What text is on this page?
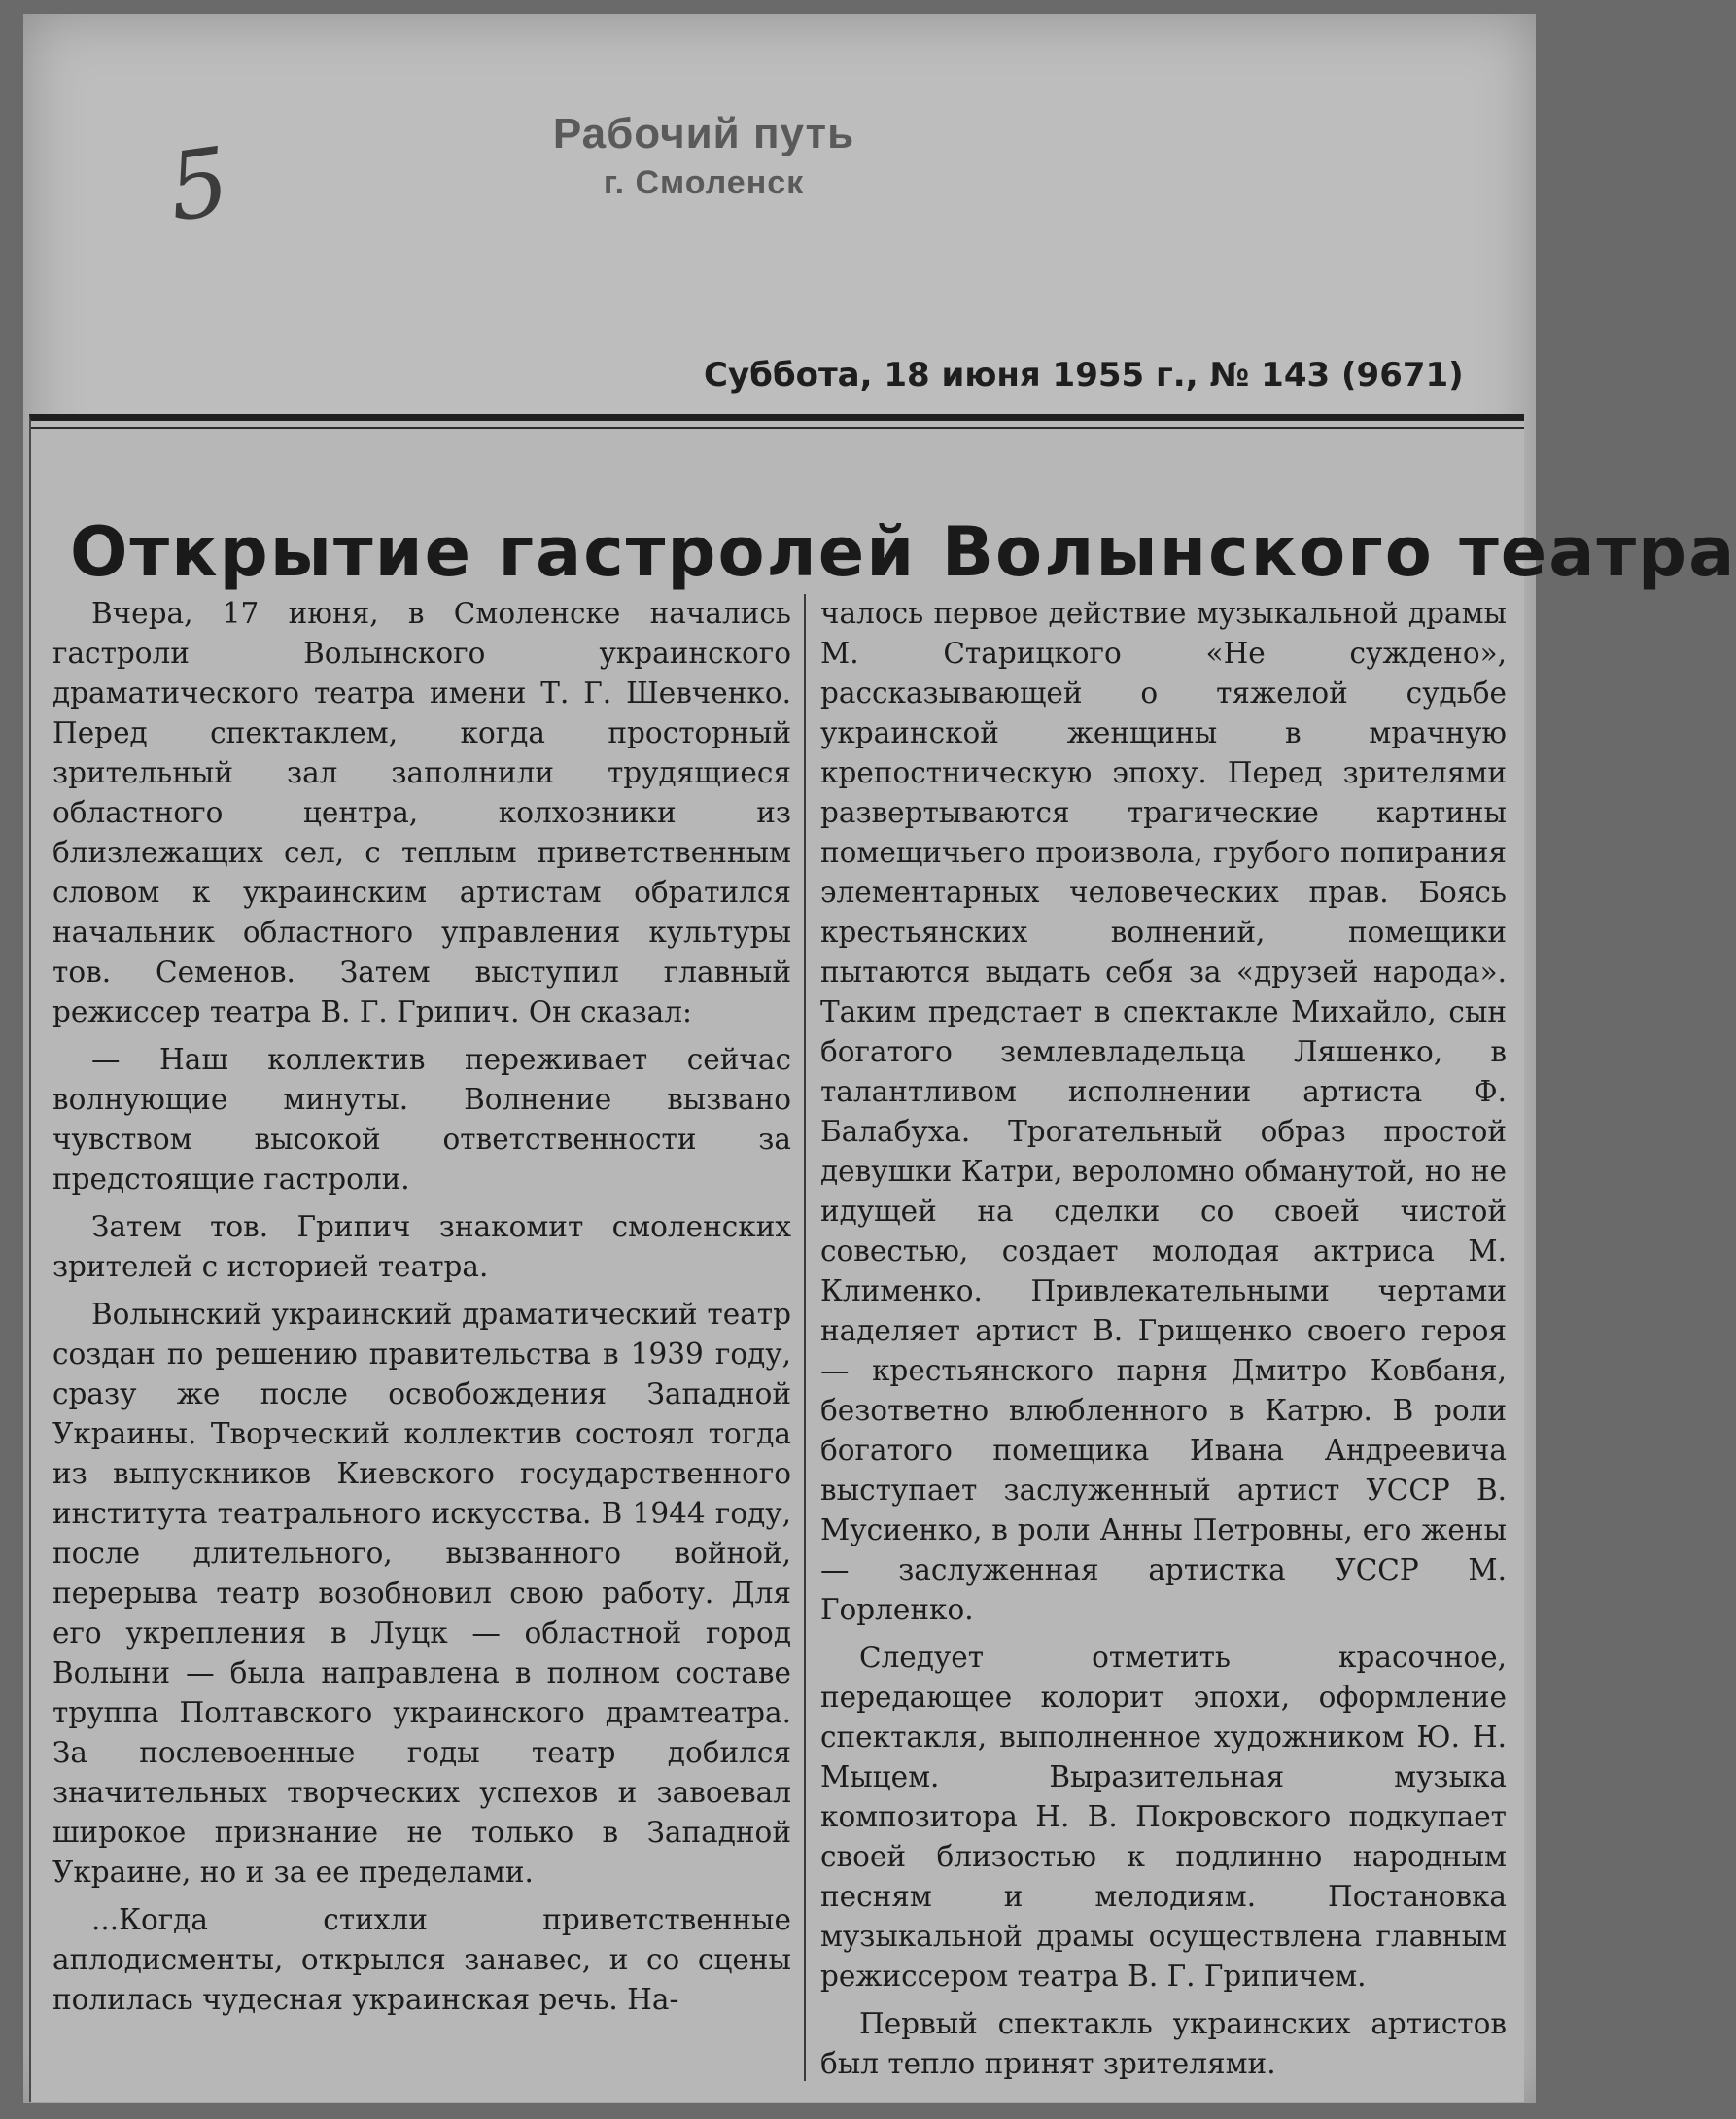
5	Рабочий путь
г. Смоленск
Суббота, 18 июня 1955 г., № 143 (9671)
Открытие гастролей Волынского театра

Вчера, 17 июня, в Смоленске начались гастроли Волынского украинского драматического театра имени Т. Г. Шевченко. Перед спектаклем, когда просторный зрительный зал заполнили трудящиеся областного центра, колхозники из близлежащих сел, с теплым приветственным словом к украинским артистам обратился начальник областного управления культуры тов. Семенов. Затем выступил главный режиссер театра В. Г. Грипич. Он сказал:

— Наш коллектив переживает сейчас волнующие минуты. Волнение вызвано чувством высокой ответственности за предстоящие гастроли.

Затем тов. Грипич знакомит смоленских зрителей с историей театра.

Волынский украинский драматический театр создан по решению правительства в 1939 году, сразу же после освобождения Западной Украины. Творческий коллектив состоял тогда из выпускников Киевского государственного института театрального искусства. В 1944 году, после длительного, вызванного войной, перерыва театр возобновил свою работу. Для его укрепления в Луцк — областной город Волыни — была направлена в полном составе труппа Полтавского украинского драмтеатра. За послевоенные годы театр добился значительных творческих успехов и завоевал широкое признание не только в Западной Украине, но и за ее пределами.

...Когда стихли приветственные аплодисменты, открылся занавес, и со сцены полилась чудесная украинская речь. На-

чалось первое действие музыкальной драмы М. Старицкого «Не суждено», рассказывающей о тяжелой судьбе украинской женщины в мрачную крепостническую эпоху. Перед зрителями развертываются трагические картины помещичьего произвола, грубого попирания элементарных человеческих прав. Боясь крестьянских волнений, помещики пытаются выдать себя за «друзей народа». Таким предстает в спектакле Михайло, сын богатого землевладельца Ляшенко, в талантливом исполнении артиста Ф. Балабуха. Трогательный образ простой девушки Катри, вероломно обманутой, но не идущей на сделки со своей чистой совестью, создает молодая актриса М. Клименко. Привлекательными чертами наделяет артист В. Грищенко своего героя — крестьянского парня Дмитро Ковбаня, безответно влюбленного в Катрю. В роли богатого помещика Ивана Андреевича выступает заслуженный артист УССР В. Мусиенко, в роли Анны Петровны, его жены — заслуженная артистка УССР М. Горленко.

Следует отметить красочное, передающее колорит эпохи, оформление спектакля, выполненное художником Ю. Н. Мыцем. Выразительная музыка композитора Н. В. Покровского подкупает своей близостью к подлинно народным песням и мелодиям. Постановка музыкальной драмы осуществлена главным режиссером театра В. Г. Грипичем.

Первый спектакль украинских артистов был тепло принят зрителями.
